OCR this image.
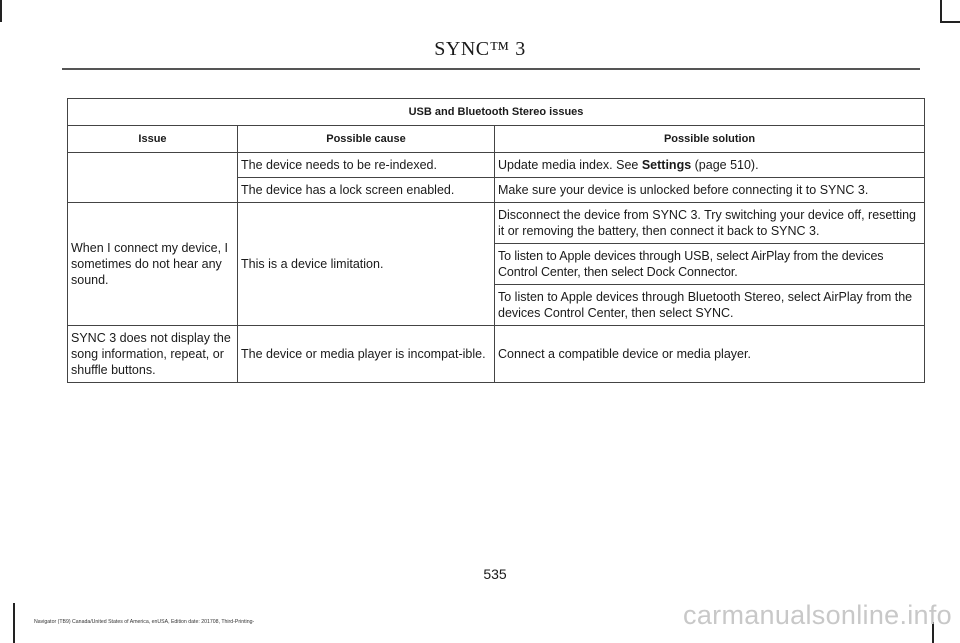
SYNC™ 3
USB and Bluetooth Stereo issues		
Issue	Possible cause	Possible solution
	The device needs to be re-indexed.	Update media index. See Settings (page 510).
	The device has a lock screen enabled.	Make sure your device is unlocked before connecting it to SYNC 3.
When I connect my device, I sometimes do not hear any sound.	This is a device limitation.	Disconnect the device from SYNC 3. Try switching your device off, resetting it or removing the battery, then connect it back to SYNC 3.
		To listen to Apple devices through USB, select AirPlay from the devices Control Center, then select Dock Connector.
		To listen to Apple devices through Bluetooth Stereo, select AirPlay from the devices Control Center, then select SYNC.
SYNC 3 does not display the song information, repeat, or shuffle buttons.	The device or media player is incompat-ible.	Connect a compatible device or media player.
535
Navigator (TB9) Canada/United States of America, enUSA, Edition date: 201708, Third-Printing-	carmanualsonline.info
